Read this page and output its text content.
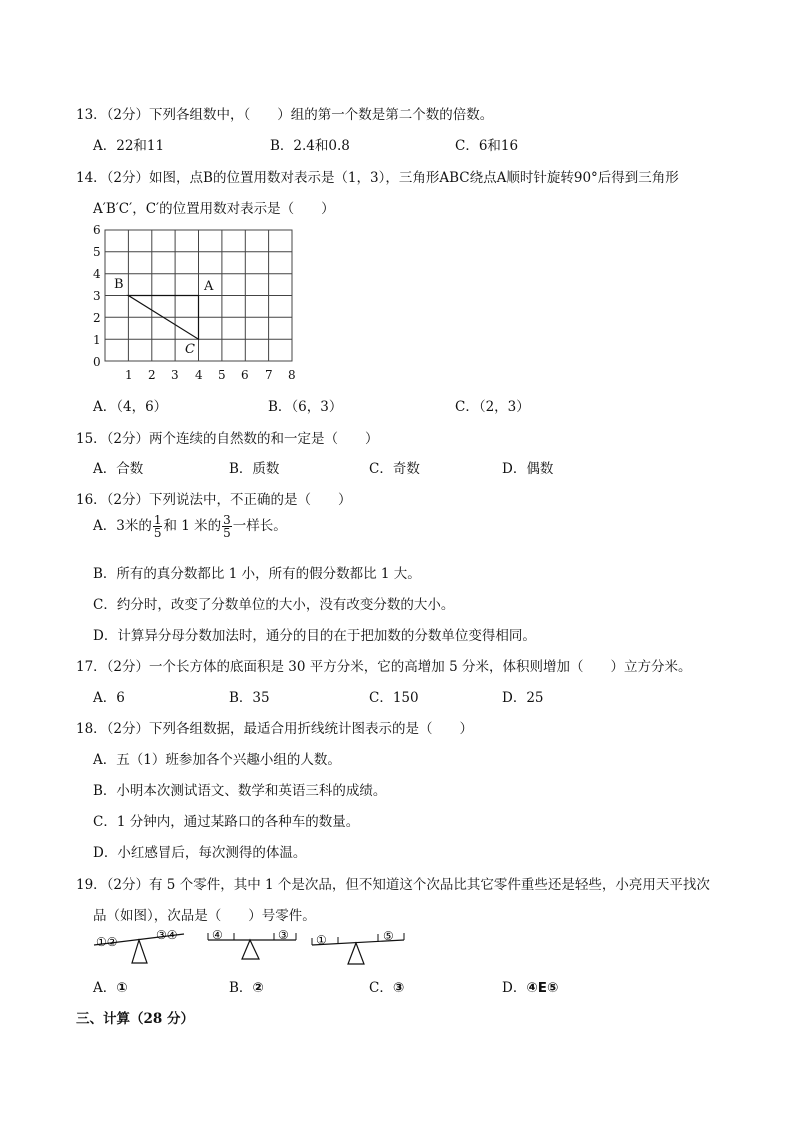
13．（2分）下列各组数中，（　　）组的第一个数是第二个数的倍数。
A．22和11	B．2.4和0.8	C．6和16
14．（2分）如图，点B的位置用数对表示是（1，3），三角形ABC绕点A顺时针旋转90°后得到三角形
A′B′C′，C′的位置用数对表示是（　　）
6
5
4
3
2
1
0
1 2 3 4 5 6 7 8
B	A
C
A．（4，6）	B．（6，3）	C．（2，3）
15．（2分）两个连续的自然数的和一定是（　　）
A．合数	B．质数	C．奇数	D．偶数
16．（2分）下列说法中，不正确的是（　　）
A．3米的 $\frac{1}{5}$ 和 1 米的 $\frac{3}{5}$ 一样长。
B．所有的真分数都比 1 小，所有的假分数都比 1 大。
C．约分时，改变了分数单位的大小，没有改变分数的大小。
D．计算异分母分数加法时，通分的目的在于把加数的分数单位变得相同。
17．（2分）一个长方体的底面积是 30 平方分米，它的高增加 5 分米，体积则增加（　　）立方分米。
A．6	B．35	C．150	D．25
18．（2分）下列各组数据，最适合用折线统计图表示的是（　　）
A．五（1）班参加各个兴趣小组的人数。
B．小明本次测试语文、数学和英语三科的成绩。
C．1 分钟内，通过某路口的各种车的数量。
D．小红感冒后，每次测得的体温。
19．（2分）有 5 个零件，其中 1 个是次品，但不知道这个次品比其它零件重些还是轻些，小亮用天平找次
品（如图），次品是（　　）号零件。
①②	③④	④	③ ①	⑤
A．①	B．②	C．③	D．④E⑤
三、计算（28 分）
